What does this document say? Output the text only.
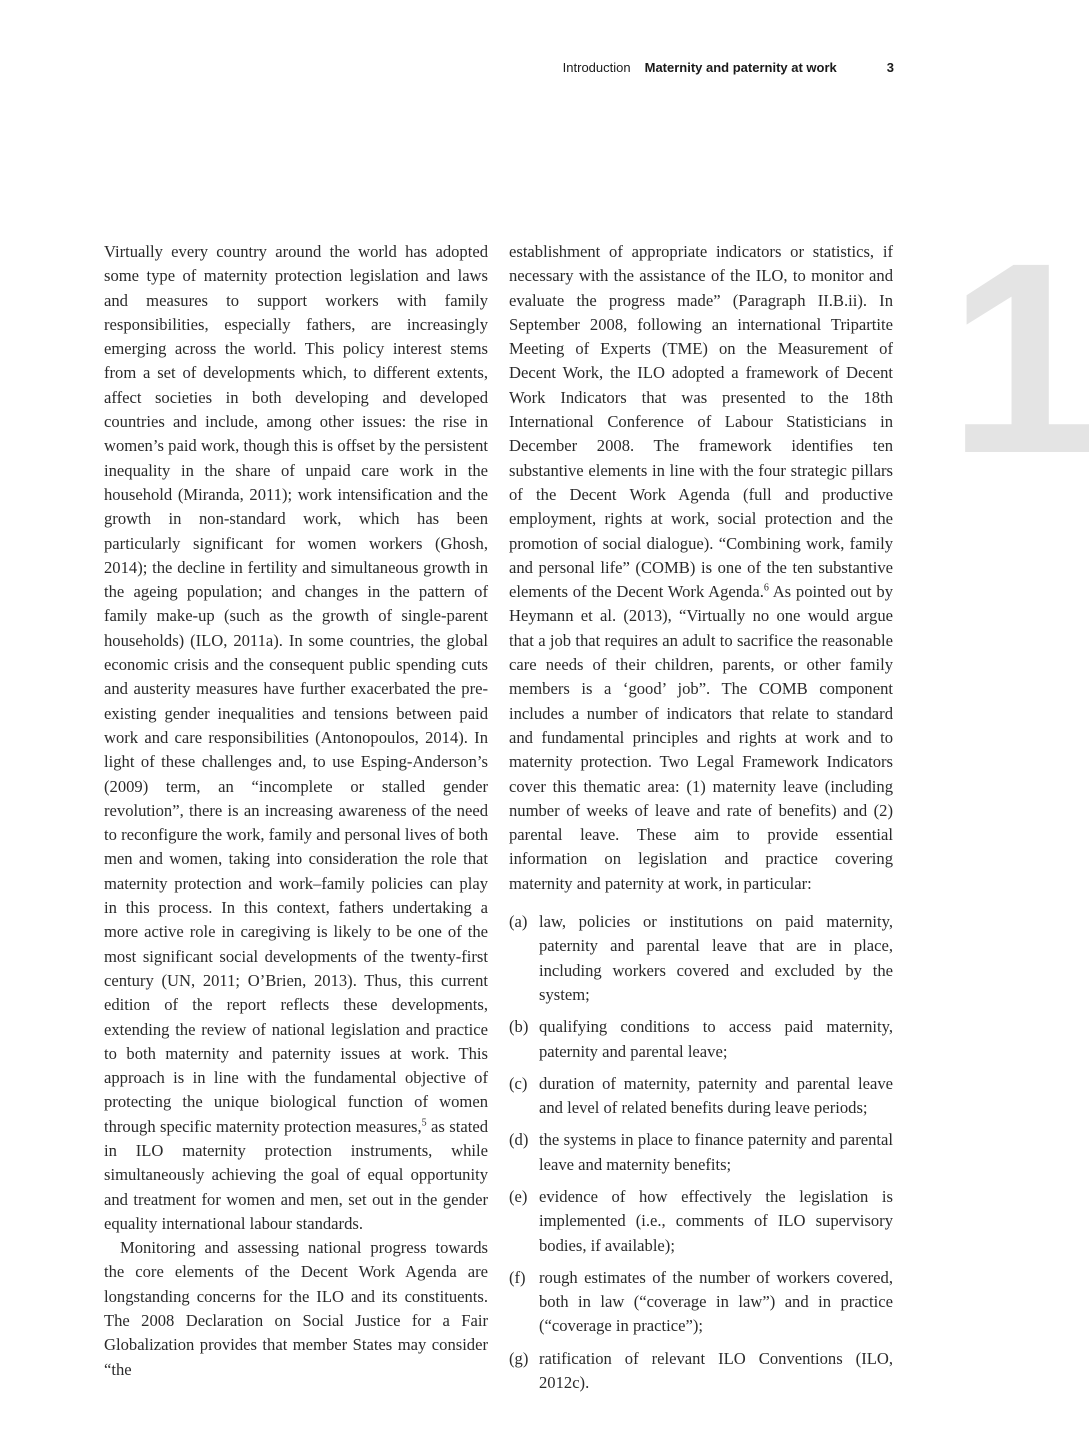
Introduction Maternity and paternity at work	3
1

Virtually every country around the world has adopted some type of maternity protection legislation and laws and measures to support workers with family responsibilities, especially fathers, are increasingly emerging across the world. This policy interest stems from a set of developments which, to different extents, affect societies in both developing and developed countries and include, among other issues: the rise in women’s paid work, though this is offset by the persistent inequality in the share of unpaid care work in the household (Miranda, 2011); work intensification and the growth in non-standard work, which has been particularly significant for women workers (Ghosh, 2014); the decline in fertility and simultaneous growth in the ageing population; and changes in the pattern of family make-up (such as the growth of single-parent households) (ILO, 2011a). In some countries, the global economic crisis and the consequent public spending cuts and austerity measures have further exacerbated the pre-existing gender inequalities and tensions between paid work and care responsibilities (Antonopoulos, 2014). In light of these challenges and, to use Esping-Anderson’s (2009) term, an “incomplete or stalled gender revolution”, there is an increasing awareness of the need to reconfigure the work, family and personal lives of both men and women, taking into consideration the role that maternity protection and work–family policies can play in this process. In this context, fathers undertaking a more active role in caregiving is likely to be one of the most significant social developments of the twenty-first century (UN, 2011; O’Brien, 2013). Thus, this current edition of the report reflects these developments, extending the review of national legislation and practice to both maternity and paternity issues at work. This approach is in line with the fundamental objective of protecting the unique biological function of women through specific maternity protection measures,$^5$ as stated in ILO maternity protection instruments, while simultaneously achieving the goal of equal opportunity and treatment for women and men, set out in the gender equality international labour standards.

Monitoring and assessing national progress towards the core elements of the Decent Work Agenda are longstanding concerns for the ILO and its constituents. The 2008 Declaration on Social Justice for a Fair Globalization provides that member States may consider “the

establishment of appropriate indicators or statistics, if necessary with the assistance of the ILO, to monitor and evaluate the progress made” (Paragraph II.B.ii). In September 2008, following an international Tripartite Meeting of Experts (TME) on the Measurement of Decent Work, the ILO adopted a framework of Decent Work Indicators that was presented to the 18th International Conference of Labour Statisticians in December 2008. The framework identifies ten substantive elements in line with the four strategic pillars of the Decent Work Agenda (full and productive employment, rights at work, social protection and the promotion of social dialogue). “Combining work, family and personal life” (COMB) is one of the ten substantive elements of the Decent Work Agenda.$^6$ As pointed out by Heymann et al. (2013), “Virtually no one would argue that a job that requires an adult to sacrifice the reasonable care needs of their children, parents, or other family members is a ‘good’ job”. The COMB component includes a number of indicators that relate to standard and fundamental principles and rights at work and to maternity protection. Two Legal Framework Indicators cover this thematic area: (1) maternity leave (including number of weeks of leave and rate of benefits) and (2) parental leave. These aim to provide essential information on legislation and practice covering maternity and paternity at work, in particular:

(a) law, policies or institutions on paid maternity, paternity and parental leave that are in place, including workers covered and excluded by the system;
(b) qualifying conditions to access paid maternity, paternity and parental leave;
(c) duration of maternity, paternity and parental leave and level of related benefits during leave periods;
(d) the systems in place to finance paternity and parental leave and maternity benefits;
(e) evidence of how effectively the legislation is implemented (i.e., comments of ILO supervisory bodies, if available);
(f) rough estimates of the number of workers covered, both in law (“coverage in law”) and in practice (“coverage in practice”);
(g) ratification of relevant ILO Conventions (ILO, 2012c).
